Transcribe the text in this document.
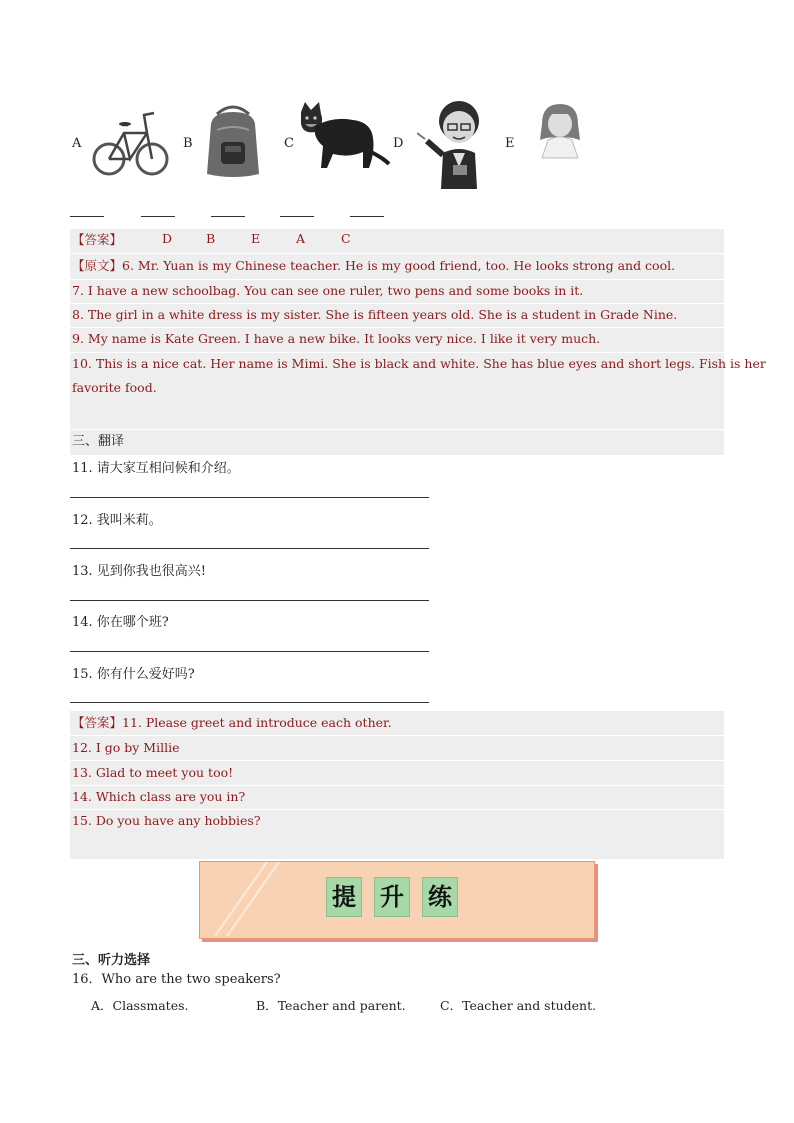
A	B	C	D	E
【答案】	D	B	E	A	C
【原文】6. Mr. Yuan is my Chinese teacher. He is my good friend, too. He looks strong and cool.
7. I have a new schoolbag. You can see one ruler, two pens and some books in it.
8. The girl in a white dress is my sister. She is fifteen years old. She is a student in Grade Nine.
9. My name is Kate Green. I have a new bike. It looks very nice. I like it very much.
10. This is a nice cat. Her name is Mimi. She is black and white. She has blue eyes and short legs. Fish is her
favorite food.
三、翻译
11. 请大家互相问候和介绍。
12. 我叫米莉。
13. 见到你我也很高兴!
14. 你在哪个班?
15. 你有什么爱好吗?
【答案】11. Please greet and introduce each other.
12. I go by Millie
13. Glad to meet you too!
14. Which class are you in?
15. Do you have any hobbies?
提 升 练
三、听力选择
16．Who are the two speakers?
A．Classmates.	B．Teacher and parent.	C．Teacher and student.
